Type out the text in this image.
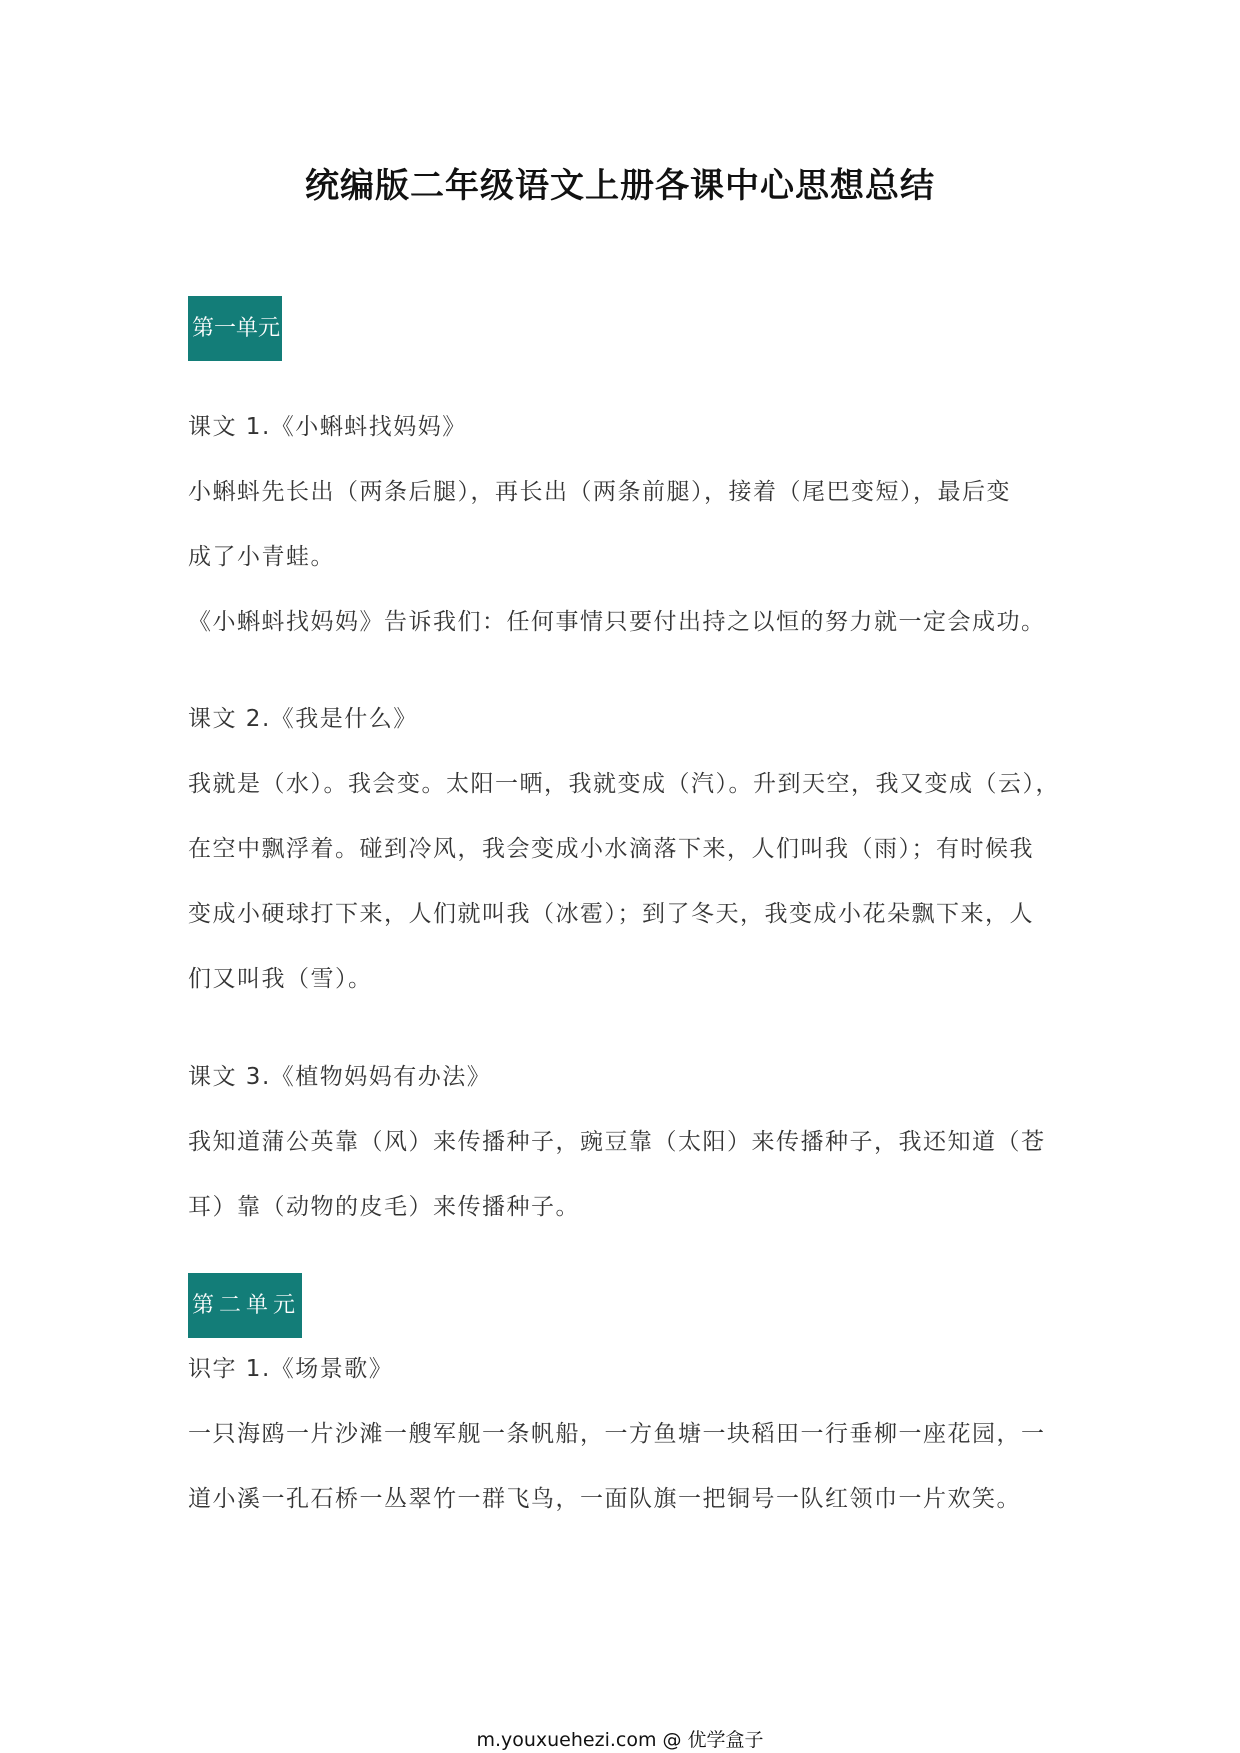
统编版二年级语文上册各课中心思想总结
第一单元
课文 1.《小蝌蚪找妈妈》
小蝌蚪先长出（两条后腿），再长出（两条前腿），接着（尾巴变短），最后变
成了小青蛙。
《小蝌蚪找妈妈》告诉我们：任何事情只要付出持之以恒的努力就一定会成功。
课文 2.《我是什么》
我就是（水）。我会变。太阳一晒，我就变成（汽）。升到天空，我又变成（云），
在空中飘浮着。碰到冷风，我会变成小水滴落下来，人们叫我（雨）；有时候我
变成小硬球打下来，人们就叫我（冰雹）；到了冬天，我变成小花朵飘下来，人
们又叫我（雪）。
课文 3.《植物妈妈有办法》
我知道蒲公英靠（风）来传播种子，豌豆靠（太阳）来传播种子，我还知道（苍
耳）靠（动物的皮毛）来传播种子。
第二单元
识字 1.《场景歌》
一只海鸥一片沙滩一艘军舰一条帆船，一方鱼塘一块稻田一行垂柳一座花园，一
道小溪一孔石桥一丛翠竹一群飞鸟，一面队旗一把铜号一队红领巾一片欢笑。
m.youxuehezi.com @ 优学盒子
